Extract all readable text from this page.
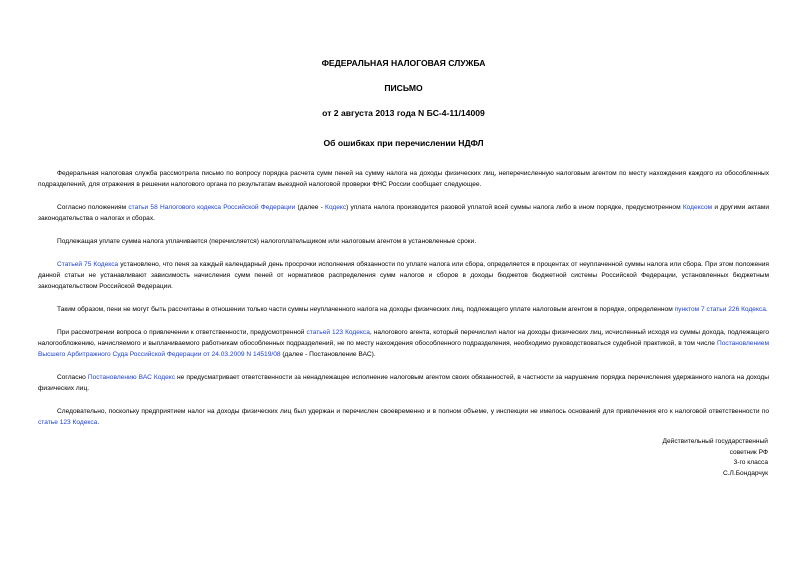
ФЕДЕРАЛЬНАЯ НАЛОГОВАЯ СЛУЖБА
ПИСЬМО
от 2 августа 2013 года N БС-4-11/14009
Об ошибках при перечислении НДФЛ

Федеральная налоговая служба рассмотрела письмо по вопросу порядка расчета сумм пеней на сумму налога на доходы физических лиц, неперечисленную налоговым агентом по месту нахождения каждого из обособленных подразделений, для отражения в решении налогового органа по результатам выездной налоговой проверки ФНС России сообщает следующее.

Согласно положениям статьи 58 Налогового кодекса Российской Федерации (далее - Кодекс) уплата налога производится разовой уплатой всей суммы налога либо в ином порядке, предусмотренном Кодексом и другими актами законодательства о налогах и сборах.

Подлежащая уплате сумма налога уплачивается (перечисляется) налогоплательщиком или налоговым агентом в установленные сроки.

Статьей 75 Кодекса установлено, что пеня за каждый календарный день просрочки исполнения обязанности по уплате налога или сбора, определяется в процентах от неуплаченной суммы налога или сбора. При этом положения данной статьи не устанавливают зависимость начисления сумм пеней от нормативов распределения сумм налогов и сборов в доходы бюджетов бюджетной системы Российской Федерации, установленных бюджетным законодательством Российской Федерации.

Таким образом, пени не могут быть рассчитаны в отношении только части суммы неуплаченного налога на доходы физических лиц, подлежащего уплате налоговым агентом в порядке, определенном пунктом 7 статьи 226 Кодекса.

При рассмотрении вопроса о привлечении к ответственности, предусмотренной статьей 123 Кодекса, налогового агента, который перечислил налог на доходы физических лиц, исчисленный исходя из суммы дохода, подлежащего налогообложению, начисляемого и выплачиваемого работникам обособленных подразделений, не по месту нахождения обособленного подразделения, необходимо руководствоваться судебной практикой, в том числе Постановлением Высшего Арбитражного Суда Российской Федерации от 24.03.2009 N 14519/08 (далее - Постановление ВАС).

Согласно Постановлению ВАС Кодекс не предусматривает ответственности за ненадлежащее исполнение налоговым агентом своих обязанностей, в частности за нарушение порядка перечисления удержанного налога на доходы физических лиц.

Следовательно, поскольку предприятием налог на доходы физических лиц был удержан и перечислен своевременно и в полном объеме, у инспекции не имелось оснований для привлечения его к налоговой ответственности по статье 123 Кодекса.

Действительный государственный
советник РФ
3-го класса
С.Л.Бондарчук
